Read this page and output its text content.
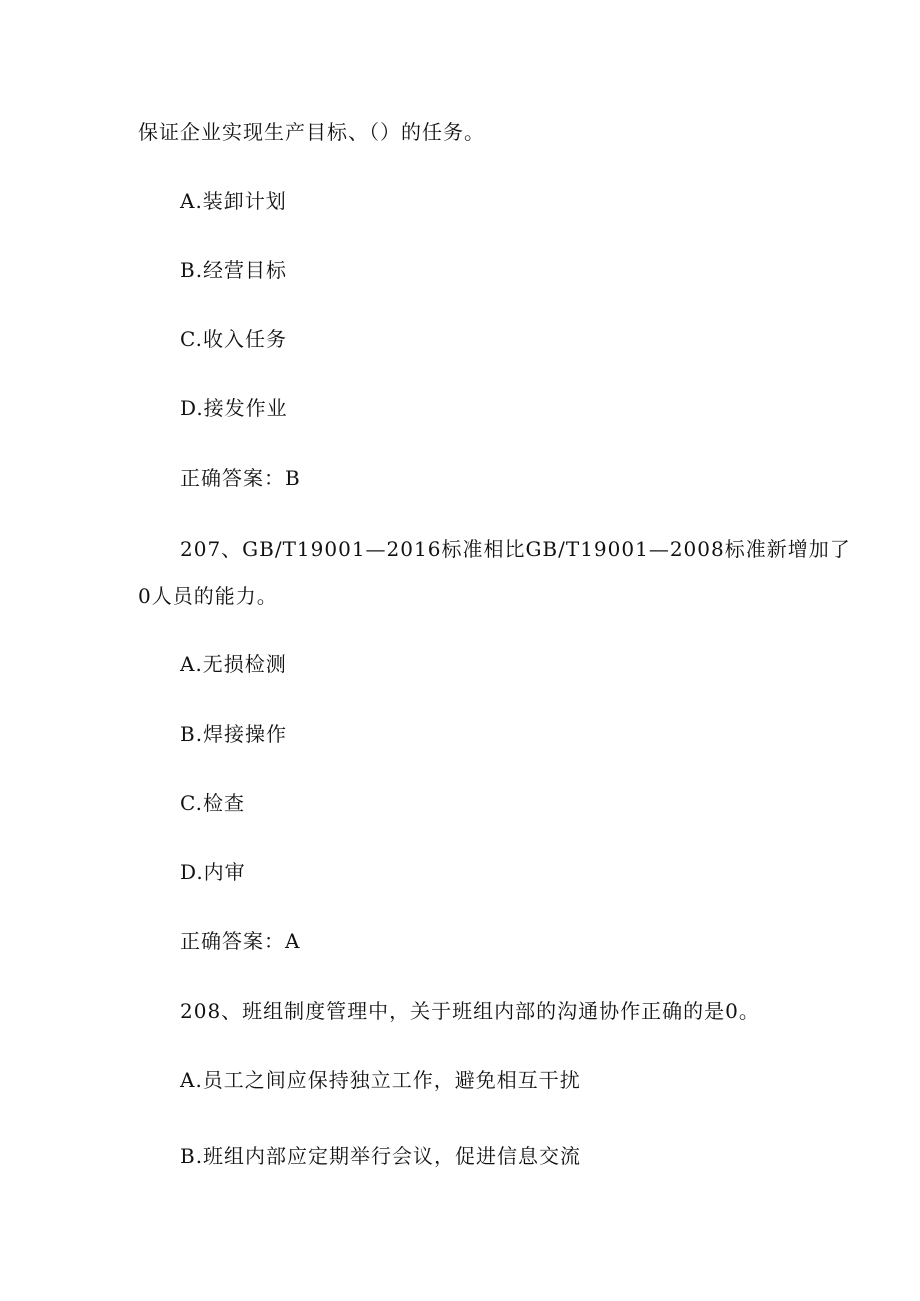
保证企业实现生产目标、（）的任务。
A.装卸计划
B.经营目标
C.收入任务
D.接发作业
正确答案：B
207、GB/T19001—2016标准相比GB/T19001—2008标准新增加了
0人员的能力。
A.无损检测
B.焊接操作
C.检查
D.内审
正确答案：A
208、班组制度管理中，关于班组内部的沟通协作正确的是0。
A.员工之间应保持独立工作，避免相互干扰
B.班组内部应定期举行会议，促进信息交流
